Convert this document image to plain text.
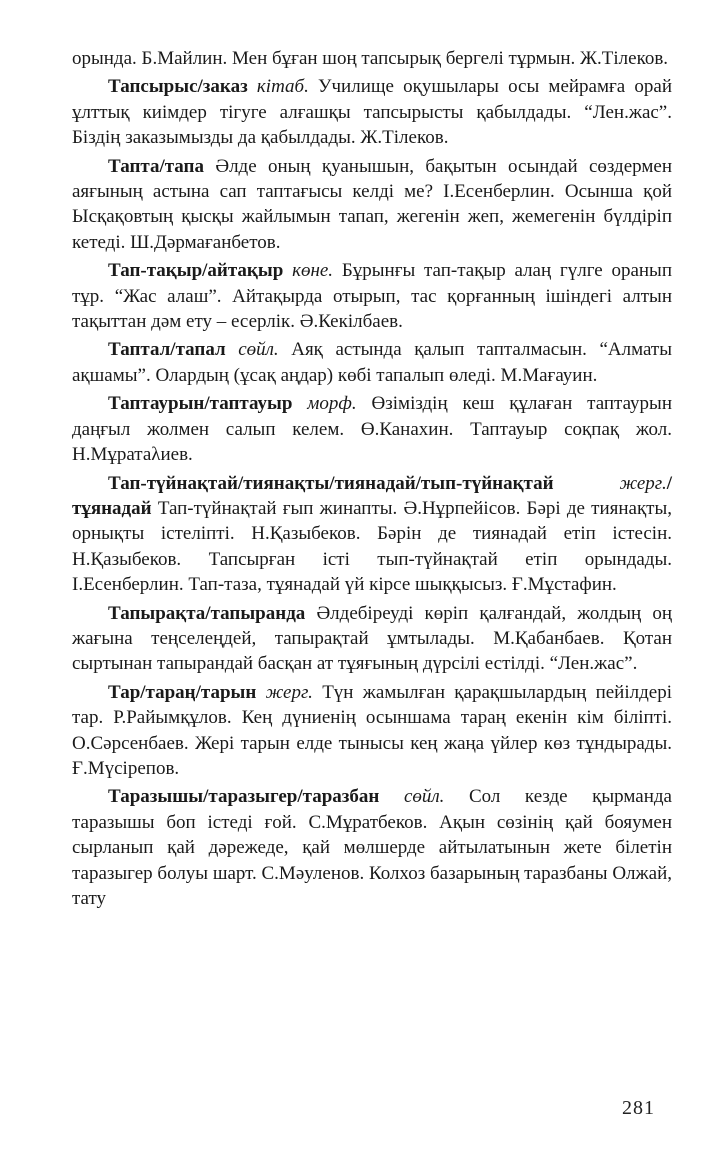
орында. Б.Майлин. Мен бұған шоң тапсырық бергелі тұрмын. Ж.Тілеков.

Тапсырыс/заказ кітаб. Училище оқушылары осы мейрамға орай ұлттық киімдер тігуге алғашқы тапсырысты қабылдады. “Лен.жас”. Біздің заказымызды да қабылдады. Ж.Тілеков.

Тапта/тапа Әлде оның қуанышын, бақытын осындай сөздермен аяғының астына сап таптағысы келді ме? І.Есенберлин. Осынша қой Ысқақовтың қысқы жайлымын тапап, жегенін жеп, жемегенін бүлдіріп кетеді. Ш.Дәрмағанбетов.

Тап-тақыр/айтақыр көне. Бұрынғы тап-тақыр алаң гүлге оранып тұр. “Жас алаш”. Айтақырда отырып, тас қорғанның ішіндегі алтын тақыттан дәм ету – есерлік. Ә.Кекілбаев.

Таптал/тапал сөйл. Аяқ астында қалып тапталмасын. “Алматы ақшамы”. Олардың (ұсақ аңдар) көбі тапалып өледі. М.Мағауин.

Таптаурын/таптауыр морф. Өзіміздің кеш құлаған таптаурын даңғыл жолмен салып келем. Ө.Канахин. Таптауыр соқпақ жол. Н.Мұратаλиев.

Тап-түйнақтай/тиянақты/тиянадай/тып-түйнақтай	жерг./тұянадай Тап-түйнақтай ғып жинапты. Ә.Нұрпейісов. Бәрі де тиянақты, орнықты істеліпті. Н.Қазыбеков. Бәрін де тиянадай етіп істесін. Н.Қазыбеков. Тапсырған істі тып-түйнақтай етіп орындады. І.Есенберлин. Тап-таза, тұянадай үй кірсе шыққысыз. Ғ.Мұстафин.

Тапырақта/тапыранда Әлдебіреуді көріп қалғандай, жолдың оң жағына теңселеңдей, тапырақтай ұмтылады. М.Қабанбаев. Қотан сыртынан тапырандай басқан ат тұяғының дүрсілі естілді. “Лен.жас”.

Тар/тараң/тарын жерг. Түн жамылған қарақшылардың пейілдері тар. Р.Райымқұлов. Кең дүниенің осыншама тараң екенін кім біліпті. О.Сәрсенбаев. Жері тарын елде тынысы кең жаңа үйлер көз тұндырады. Ғ.Мүсірепов.

Таразышы/таразыгер/таразбан сөйл. Сол кезде қырманда таразышы боп істеді ғой. С.Мұратбеков. Ақын сөзінің қай бояумен сырланып қай дәрежеде, қай мөлшерде айтылатынын жете білетін таразыгер болуы шарт. С.Мәуленов. Колхоз базарының таразбаны Олжай, тату

281
